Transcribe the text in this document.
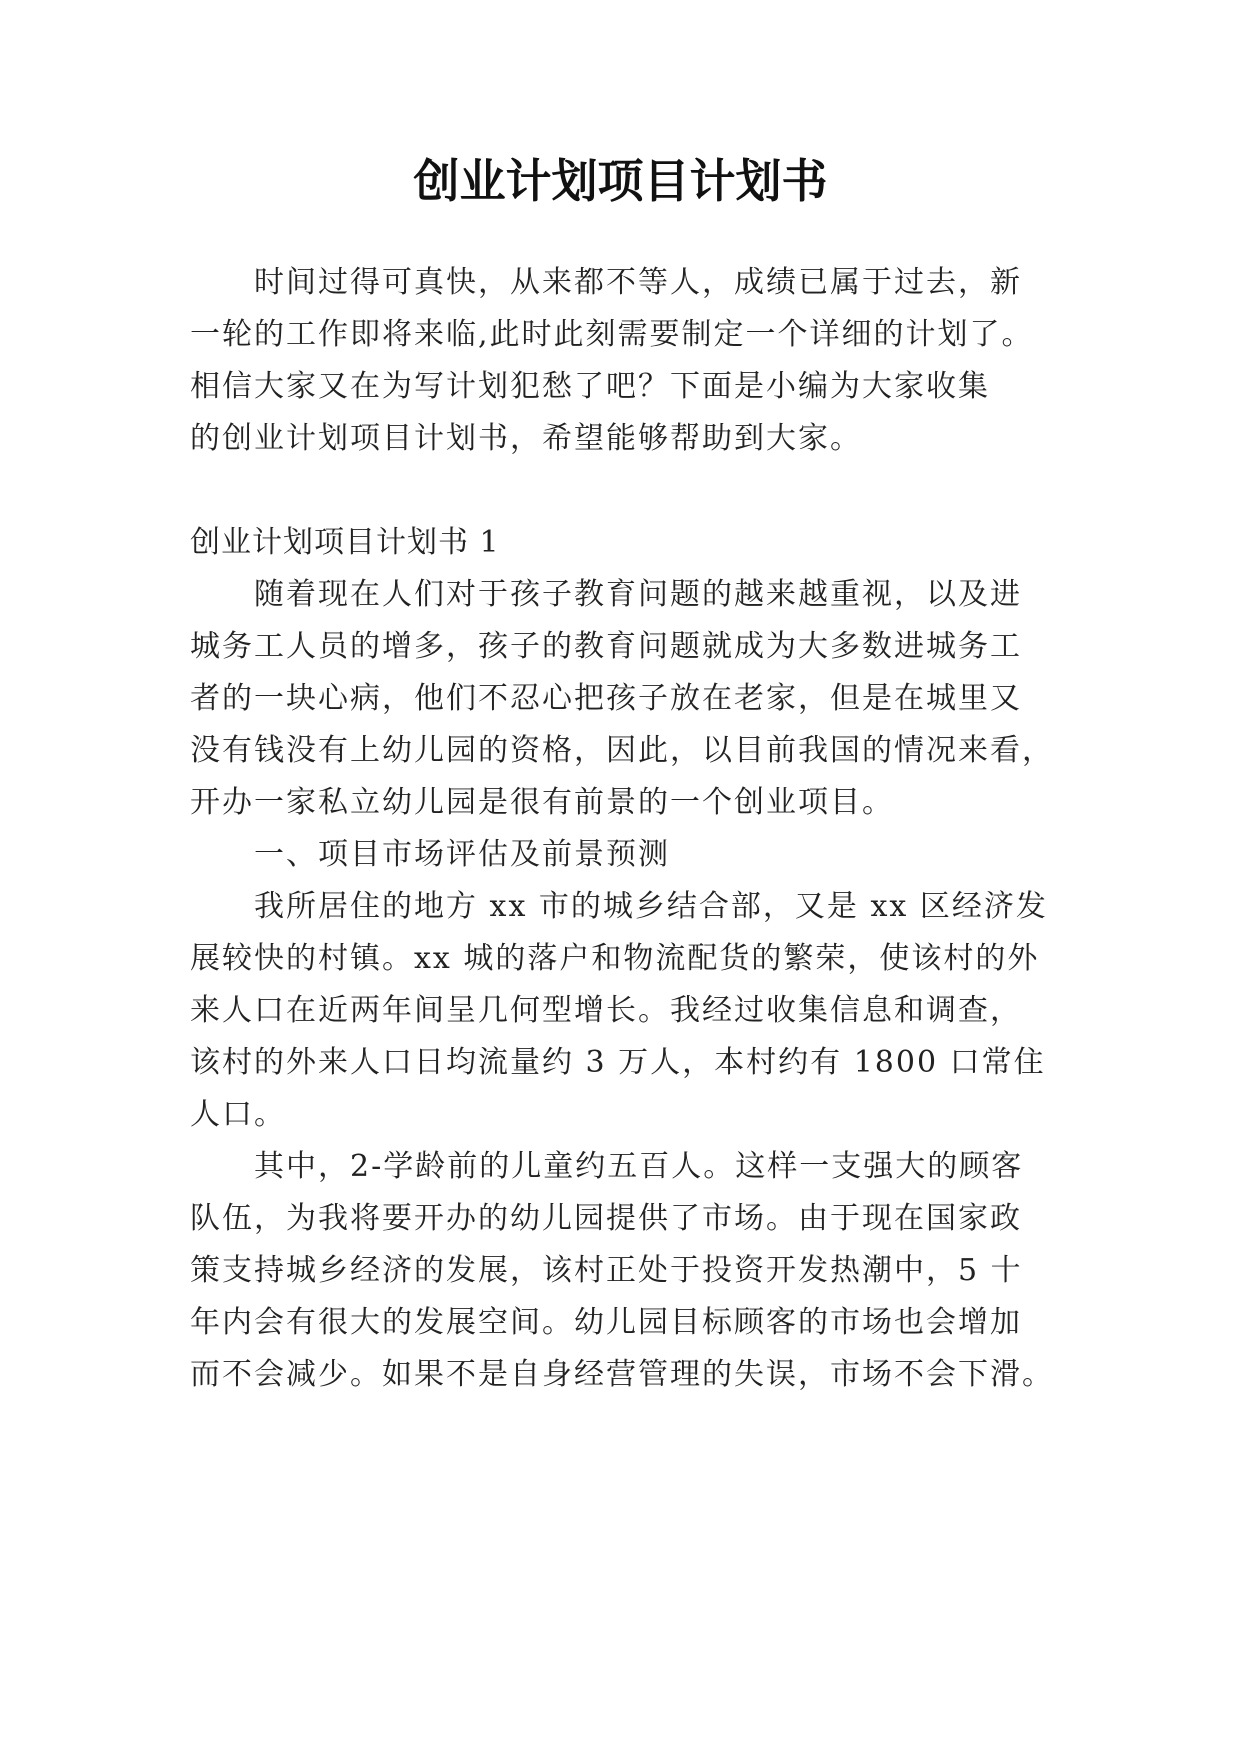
创业计划项目计划书
时间过得可真快，从来都不等人，成绩已属于过去，新
一轮的工作即将来临,此时此刻需要制定一个详细的计划了。
相信大家又在为写计划犯愁了吧？下面是小编为大家收集
的创业计划项目计划书，希望能够帮助到大家。
创业计划项目计划书 1
随着现在人们对于孩子教育问题的越来越重视，以及进
城务工人员的增多，孩子的教育问题就成为大多数进城务工
者的一块心病，他们不忍心把孩子放在老家，但是在城里又
没有钱没有上幼儿园的资格，因此，以目前我国的情况来看，
开办一家私立幼儿园是很有前景的一个创业项目。
一、项目市场评估及前景预测
我所居住的地方 xx 市的城乡结合部，又是 xx 区经济发
展较快的村镇。xx 城的落户和物流配货的繁荣，使该村的外
来人口在近两年间呈几何型增长。我经过收集信息和调查，
该村的外来人口日均流量约 3 万人，本村约有 1800 口常住
人口。
其中，2-学龄前的儿童约五百人。这样一支强大的顾客
队伍，为我将要开办的幼儿园提供了市场。由于现在国家政
策支持城乡经济的发展，该村正处于投资开发热潮中，5 十
年内会有很大的发展空间。幼儿园目标顾客的市场也会增加
而不会减少。如果不是自身经营管理的失误，市场不会下滑。
